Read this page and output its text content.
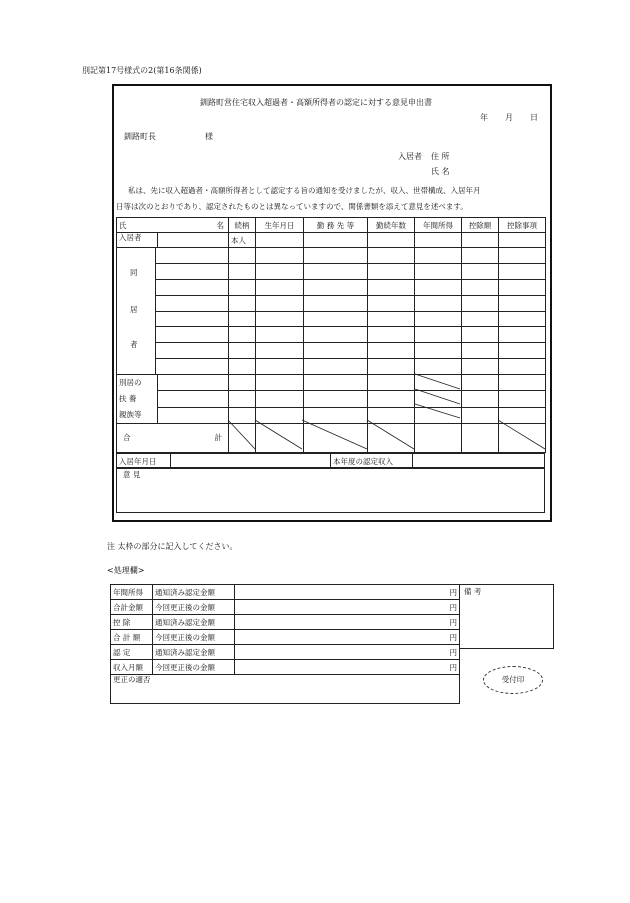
別記第17号様式の2(第16条関係)
釧路町営住宅収入超過者・高額所得者の認定に対する意見申出書
年 月 日
釧路町長	様
入居者 住 所
氏 名
私は、先に収入超過者・高額所得者として認定する旨の通知を受けましたが、収入、世帯構成、入居年月
日等は次のとおりであり、認定されたものとは異なっていますので、関係書類を添えて意見を述べます。
氏 名	続柄	生年月日	勤 務 先 等	勤続年数	年間所得	控除額	控除事項

入居者	本人						

同
居
者							

別居の
扶 養
親族等							

合 計							

入居年月日		本年度の認定収入	
意 見
注 太枠の部分に記入してください。
<処理欄>
年間所得	通知済み認定金額	円
合計金額	今回更正後の金額	円
控 除	通知済み認定金額	円
合 計 額	今回更正後の金額	円
認 定	通知済み認定金額	円
収入月額	今回更正後の金額	円
更正の適否		
備 考
受付印
